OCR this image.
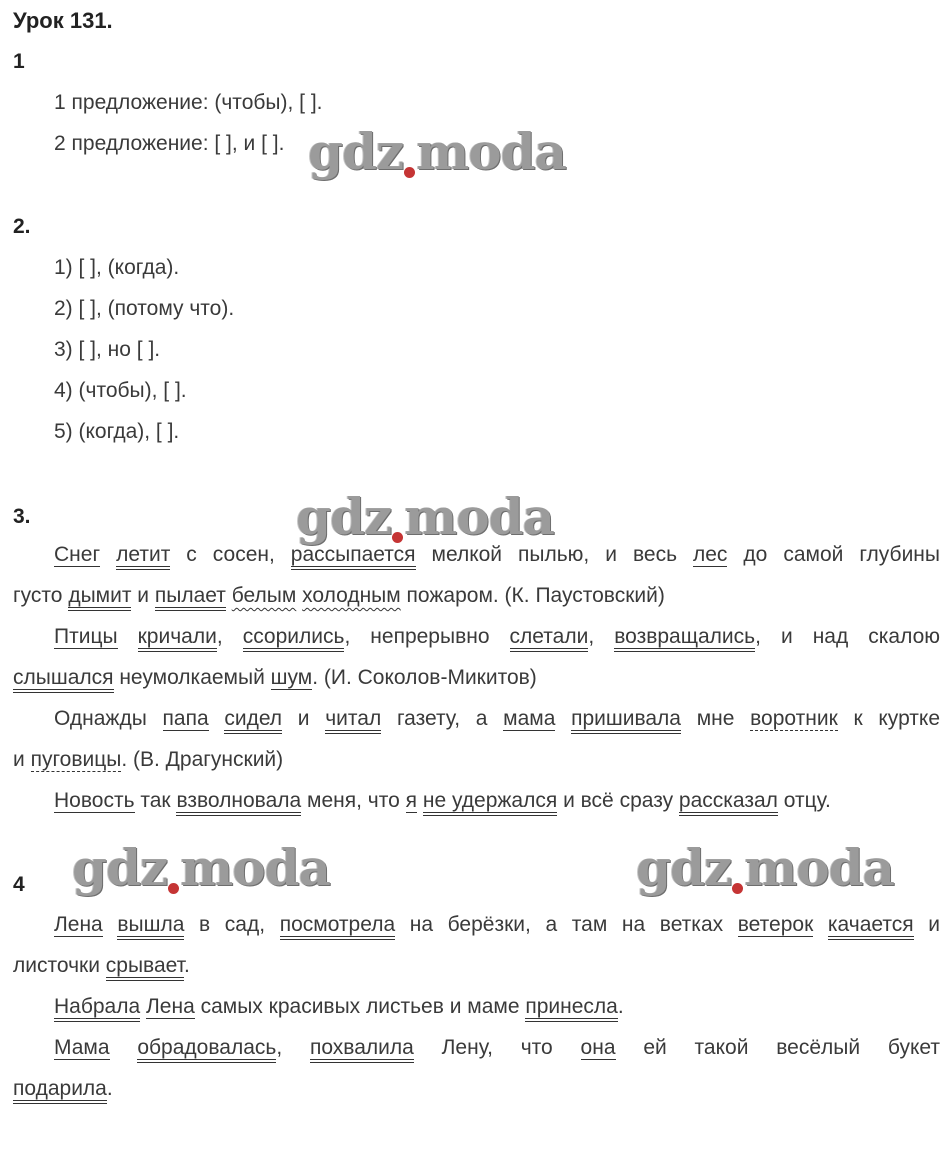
Урок 131.
1
1 предложение: (чтобы), [ ].
2 предложение: [ ], и [ ]. gdz moda
2.
1) [ ], (когда).
2) [ ], (потому что).
3) [ ], но [ ].
4) (чтобы), [ ].
5) (когда), [ ].
gdz moda
3.
Снег летит с сосен, рассыпается мелкой пылью, и весь лес до самой глубины
густо дымит и пылает белым холодным пожаром. (К. Паустовский)
Птицы кричали, ссорились, непрерывно слетали, возвращались, и над скалою
слышался неумолкаемый шум. (И. Соколов-Микитов)
Однажды папа сидел и читал газету, а мама пришивала мне воротник к куртке
и пуговицы. (В. Драгунский)
Новость так взволновала меня, что я не удержался и всё сразу рассказал отцу.
gdz moda	gdz moda
4
Лена вышла в сад, посмотрела на берёзки, а там на ветках ветерок качается и
листочки срывает.
Набрала Лена самых красивых листьев и маме принесла.
Мама обрадовалась, похвалила Лену, что она ей такой весёлый букет
подарила.
